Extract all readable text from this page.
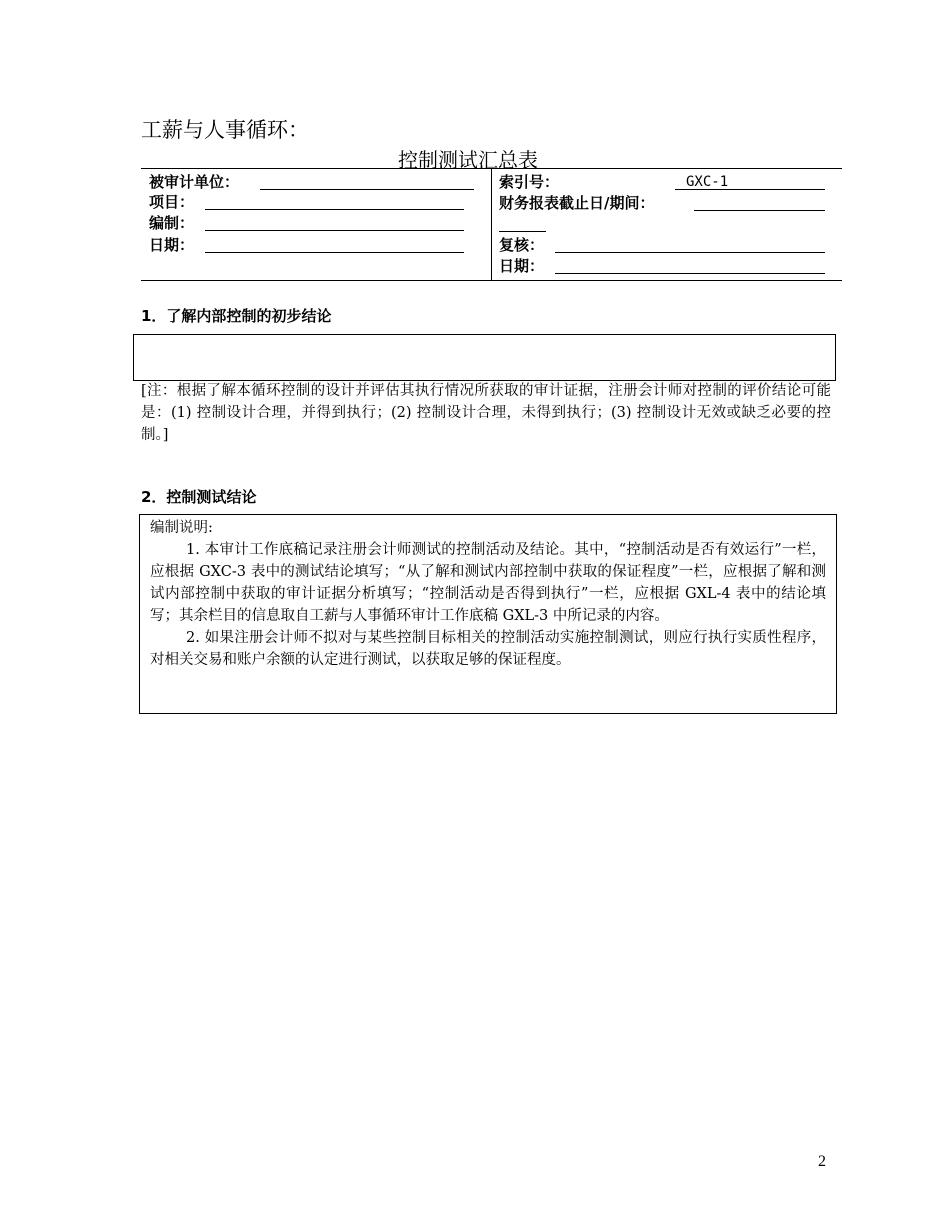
工薪与人事循环：
控制测试汇总表
被审计单位：
项目：
编制：
日期：
索引号：	GXC-1
财务报表截止日/期间：
复核：
日期：
1．了解内部控制的初步结论
[注：根据了解本循环控制的设计并评估其执行情况所获取的审计证据，注册会计师对控制的评价结论可能是：(1) 控制设计合理，并得到执行；(2) 控制设计合理，未得到执行；(3) 控制设计无效或缺乏必要的控制。]
2．控制测试结论

编制说明:

1. 本审计工作底稿记录注册会计师测试的控制活动及结论。其中，“控制活动是否有效运行”一栏，应根据 GXC-3 表中的测试结论填写；“从了解和测试内部控制中获取的保证程度”一栏，应根据了解和测试内部控制中获取的审计证据分析填写；“控制活动是否得到执行”一栏，应根据 GXL-4 表中的结论填写；其余栏目的信息取自工薪与人事循环审计工作底稿 GXL-3 中所记录的内容。

2. 如果注册会计师不拟对与某些控制目标相关的控制活动实施控制测试，则应行执行实质性程序，对相关交易和账户余额的认定进行测试，以获取足够的保证程度。

2
